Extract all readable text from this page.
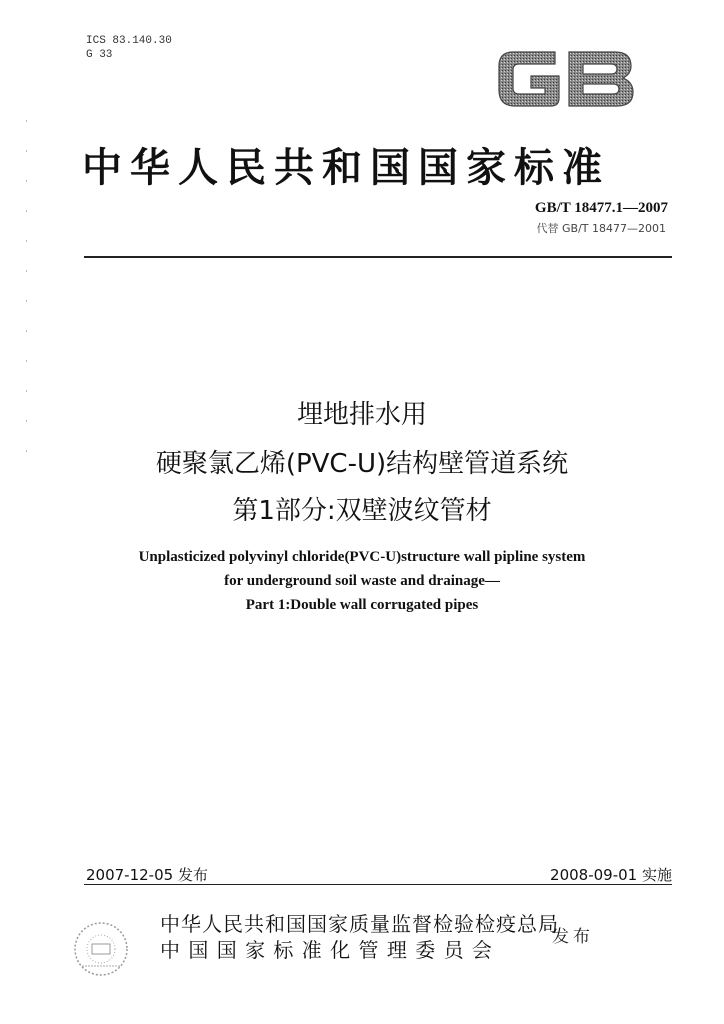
ICS 83.140.30
G 33
中华人民共和国国家标准
GB/T 18477.1—2007
代替 GB/T 18477—2001
埋地排水用
硬聚氯乙烯(PVC-U)结构壁管道系统
第1部分:双壁波纹管材
Unplasticized polyvinyl chloride(PVC-U)structure wall pipline system
for underground soil waste and drainage—
Part 1:Double wall corrugated pipes
2007-12-05 发布	2008-09-01 实施
中华人民共和国国家质量监督检验检疫总局
中 国 国 家 标 准 化 管 理 委 员 会
发布
